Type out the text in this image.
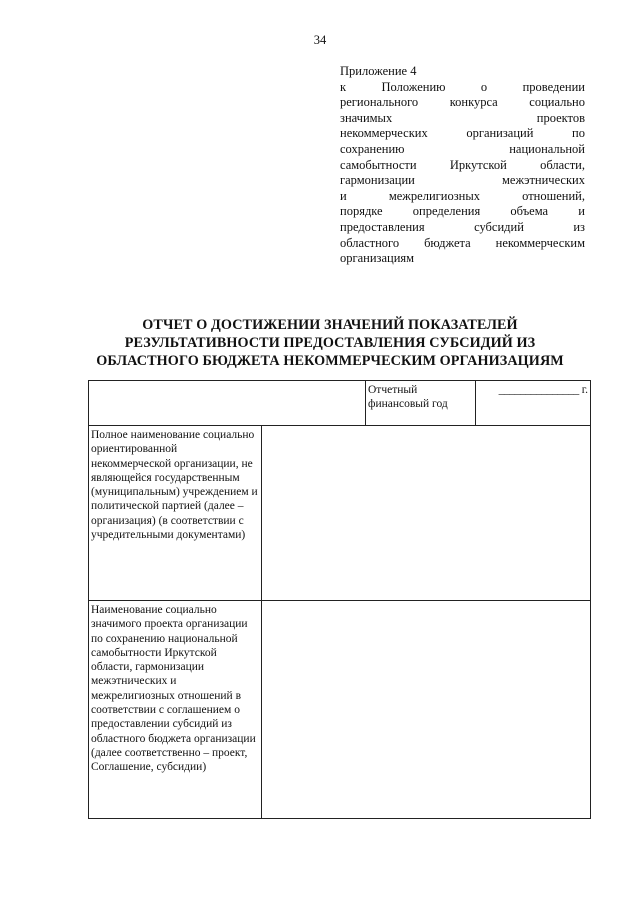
34
Приложение 4
к	Положению	о	проведении
регионального	конкурса	социально
значимых	проектов
некоммерческих	организаций	по
сохранению	национальной
самобытности	Иркутской	области,
гармонизации	межэтнических
и	межрелигиозных	отношений,
порядке определения объема и
предоставления	субсидий	из
областного бюджета некоммерческим
организациям
ОТЧЕТ О ДОСТИЖЕНИИ ЗНАЧЕНИЙ ПОКАЗАТЕЛЕЙ
РЕЗУЛЬТАТИВНОСТИ ПРЕДОСТАВЛЕНИЯ СУБСИДИЙ ИЗ
ОБЛАСТНОГО БЮДЖЕТА НЕКОММЕРЧЕСКИМ ОРГАНИЗАЦИЯМ
		Отчетный финансовый год	_______________ г.
Полное наименование социально ориентированной некоммерческой организации, не являющейся государственным (муниципальным) учреждением и политической партией (далее – организация) (в соответствии с учредительными документами)			
Наименование социально значимого проекта организации по сохранению национальной самобытности Иркутской области, гармонизации межэтнических и межрелигиозных отношений в соответствии с соглашением о предоставлении субсидий из областного бюджета организации (далее соответственно – проект, Соглашение, субсидии)			
